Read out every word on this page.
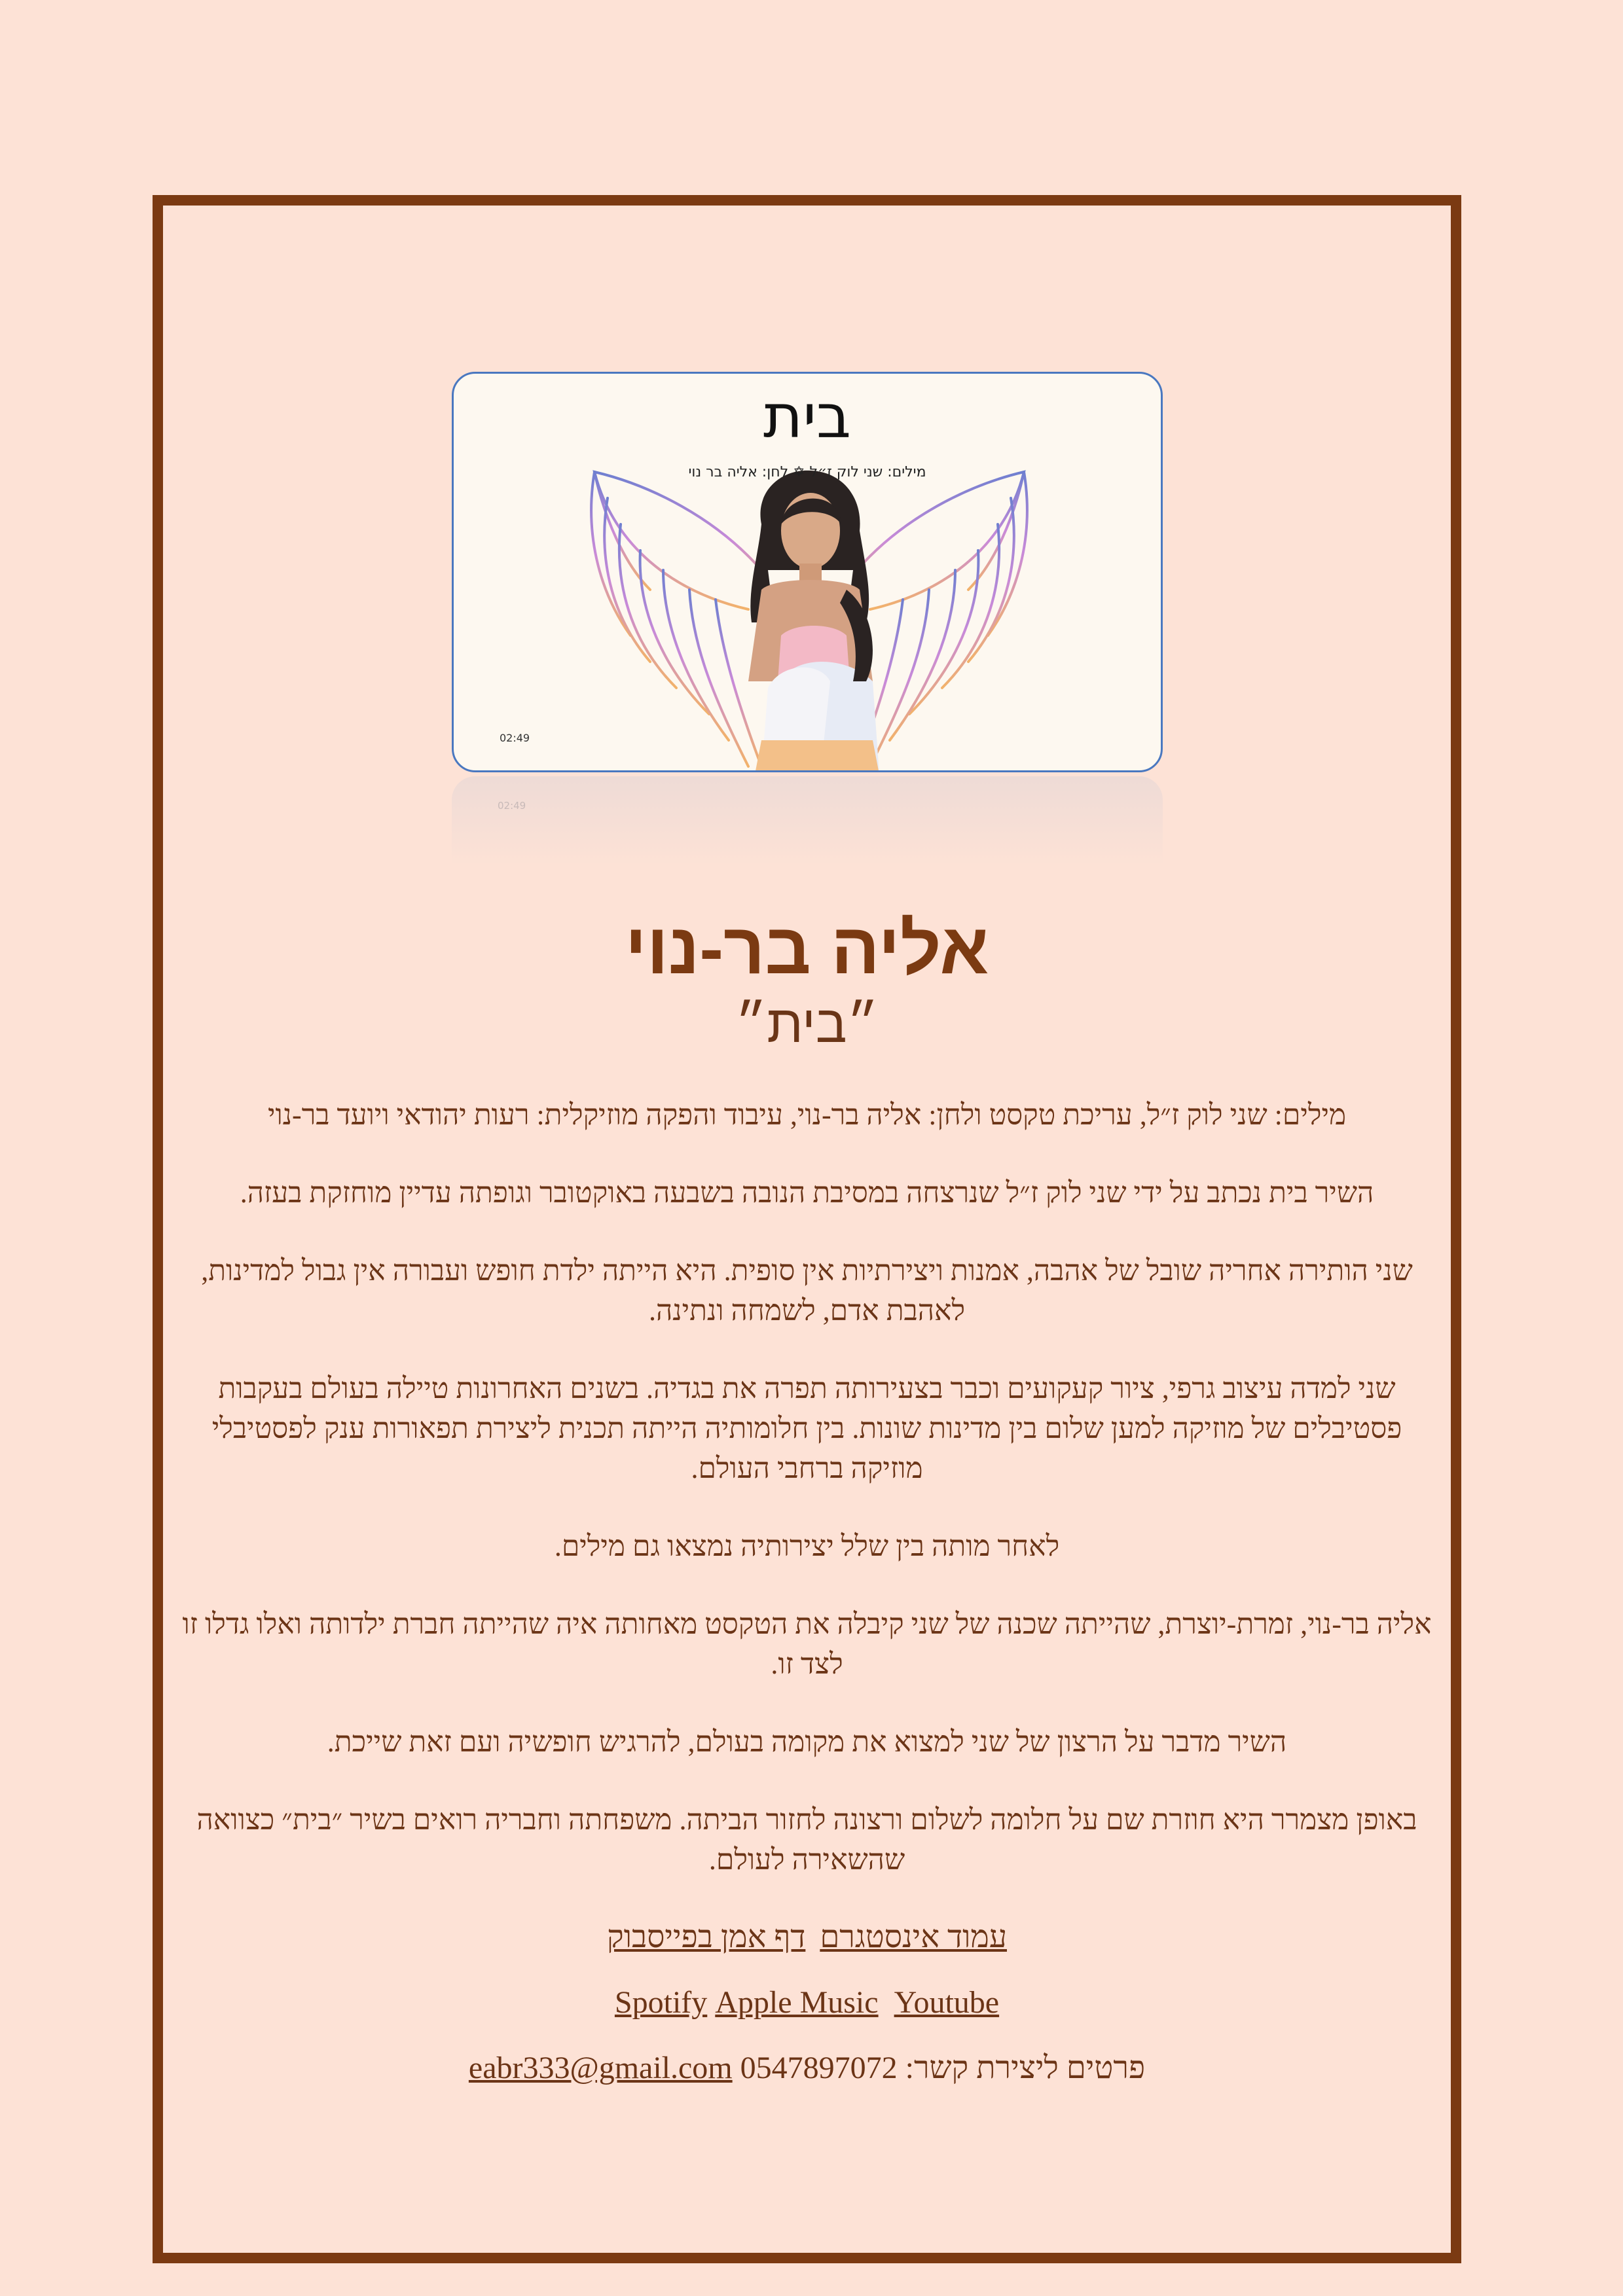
בית
מילים: שני לוק ז״ל ✡ לחן: אליה בר נוי
02:49
02:49
אליה בר-נוי
״בית״

מילים: שני לוק ז״ל, עריכת טקסט ולחן: אליה בר-נוי, עיבוד והפקה מוזיקלית: רעות יהודאי ויועד בר-נוי

השיר בית נכתב על ידי שני לוק ז״ל שנרצחה במסיבת הנובה בשבעה באוקטובר וגופתה עדיין מוחזקת בעזה.

שני הותירה אחריה שובל של אהבה, אמנות ויצירתיות אין סופית. היא הייתה ילדת חופש ועבורה אין גבול למדינות, לאהבת אדם, לשמחה ונתינה.

שני למדה עיצוב גרפי, ציור קעקועים וכבר בצעירותה תפרה את בגדיה. בשנים האחרונות טיילה בעולם בעקבות פסטיבלים של מוזיקה למען שלום בין מדינות שונות. בין חלומותיה הייתה תכנית ליצירת תפאורות ענק לפסטיבלי מוזיקה ברחבי העולם.

לאחר מותה בין שלל יצירותיה נמצאו גם מילים.

אליה בר-נוי, זמרת-יוצרת, שהייתה שכנה של שני קיבלה את הטקסט מאחותה איה שהייתה חברת ילדותה ואלו גדלו זו לצד זו.

השיר מדבר על הרצון של שני למצוא את מקומה בעולם, להרגיש חופשיה ועם זאת שייכת.

באופן מצמרר היא חוזרת שם על חלומה לשלום ורצונה לחזור הביתה. משפחתה וחבריה רואים בשיר ״בית״ כצוואה שהשאירה לעולם.

עמוד אינסטגרםדף אמן בפייסבוק
Spotify Apple Music Youtube
פרטים ליצירת קשר: 0547897072 eabr333@gmail.com
